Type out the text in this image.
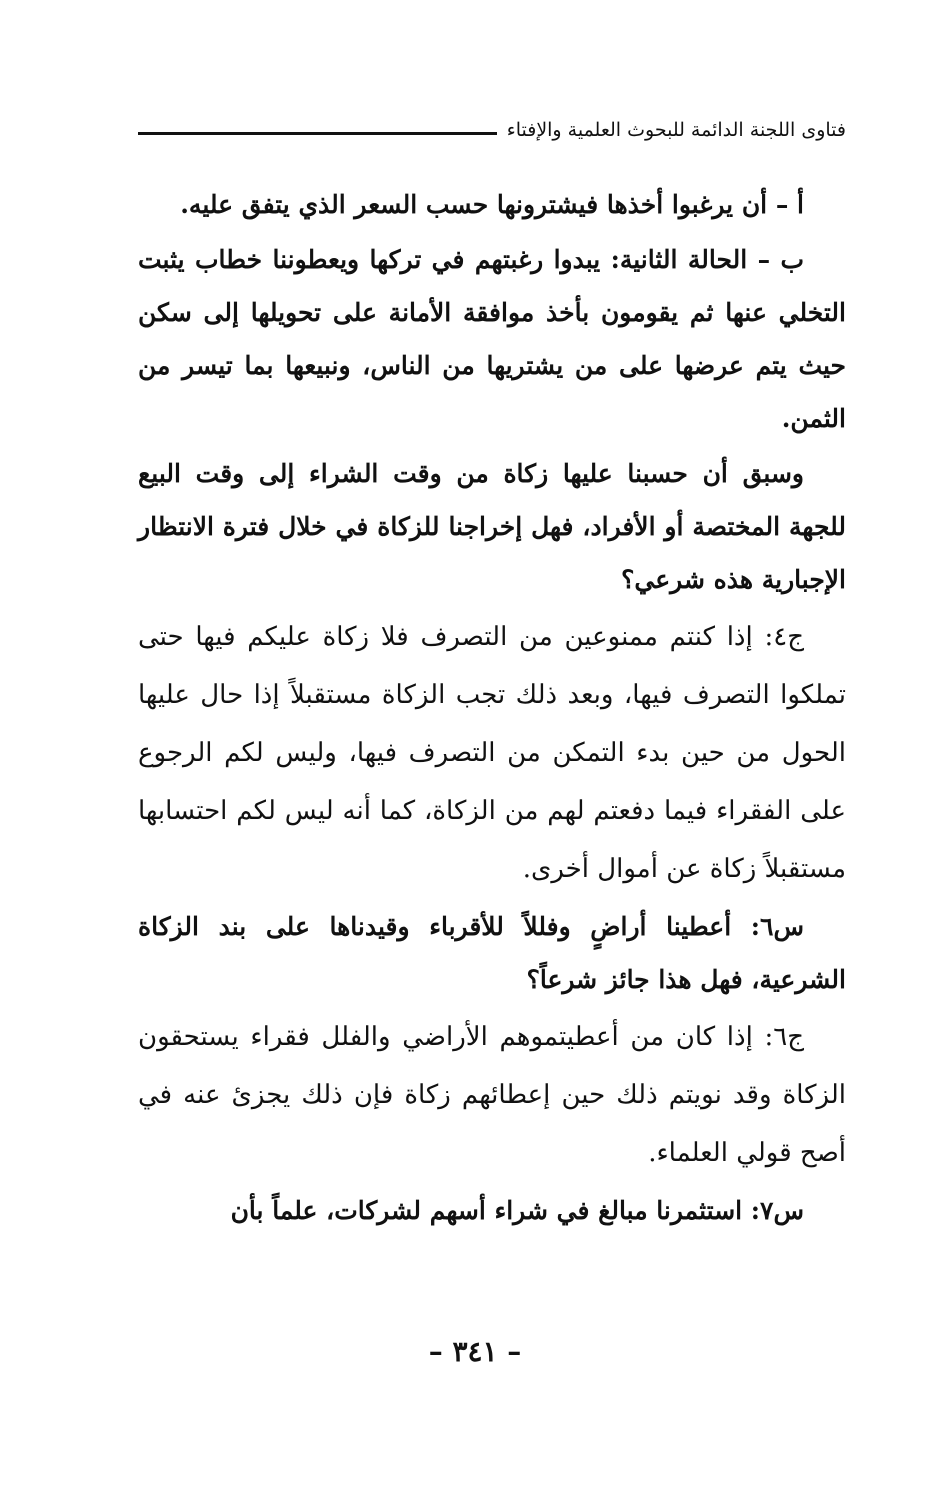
فتاوى اللجنة الدائمة للبحوث العلمية والإفتاء

أ – أن يرغبوا أخذها فيشترونها حسب السعر الذي يتفق عليه.

ب – الحالة الثانية: يبدوا رغبتهم في تركها ويعطوننا خطاب يثبت التخلي عنها ثم يقومون بأخذ موافقة الأمانة على تحويلها إلى سكن حيث يتم عرضها على من يشتريها من الناس، ونبيعها بما تيسر من الثمن.

وسبق أن حسبنا عليها زكاة من وقت الشراء إلى وقت البيع للجهة المختصة أو الأفراد، فهل إخراجنا للزكاة في خلال فترة الانتظار الإجبارية هذه شرعي؟

ج٤: إذا كنتم ممنوعين من التصرف فلا زكاة عليكم فيها حتى تملكوا التصرف فيها، وبعد ذلك تجب الزكاة مستقبلاً إذا حال عليها الحول من حين بدء التمكن من التصرف فيها، وليس لكم الرجوع على الفقراء فيما دفعتم لهم من الزكاة، كما أنه ليس لكم احتسابها مستقبلاً زكاة عن أموال أخرى.

س٦: أعطينا أراضٍ وفللاً للأقرباء وقيدناها على بند الزكاة الشرعية، فهل هذا جائز شرعاً؟

ج٦: إذا كان من أعطيتموهم الأراضي والفلل فقراء يستحقون الزكاة وقد نويتم ذلك حين إعطائهم زكاة فإن ذلك يجزئ عنه في أصح قولي العلماء.

س٧: استثمرنا مبالغ في شراء أسهم لشركات، علماً بأن

– ٣٤١ –
